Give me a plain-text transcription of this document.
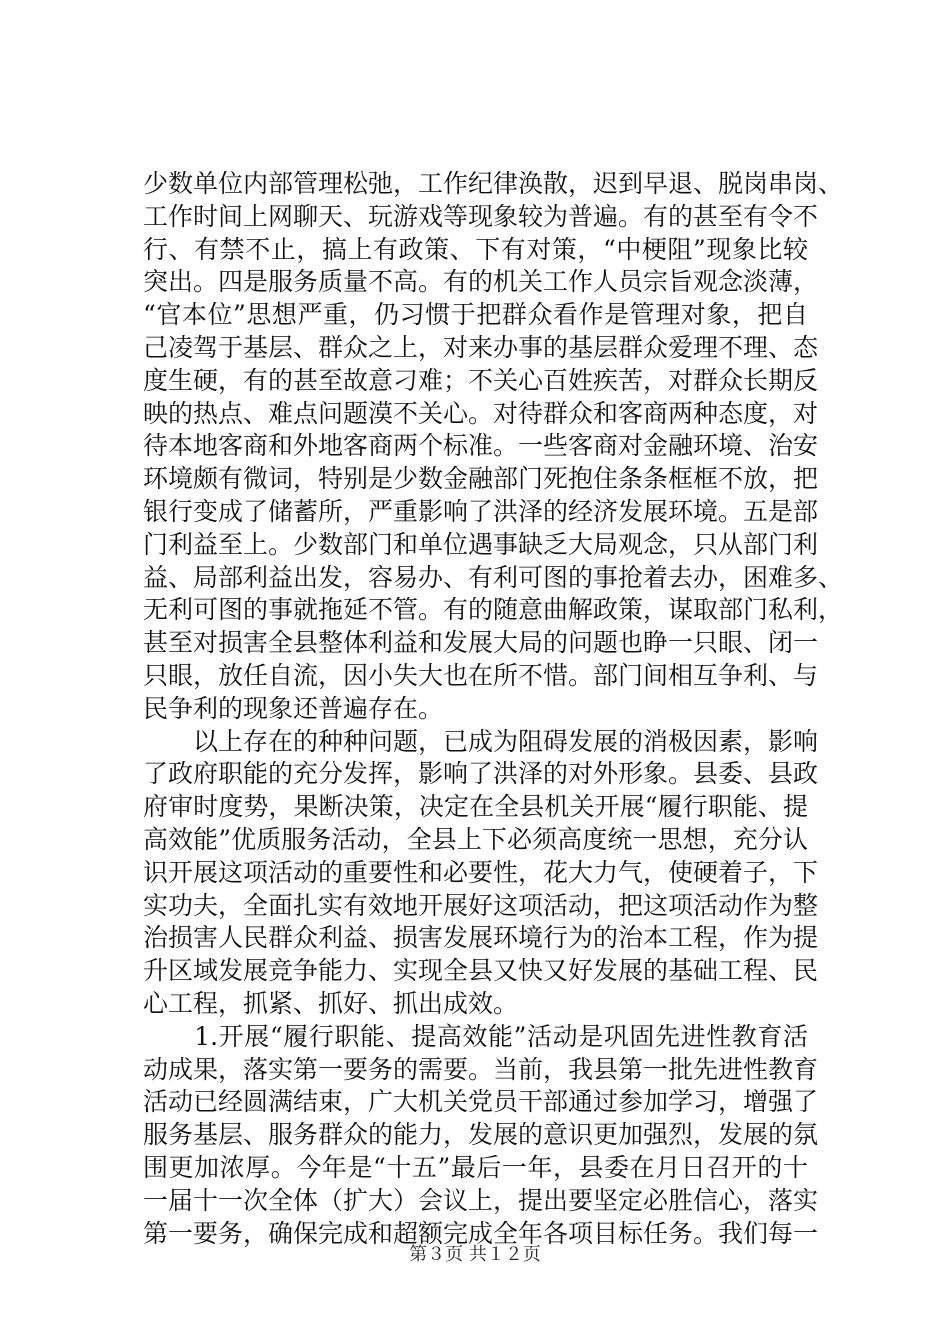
少数单位内部管理松弛，工作纪律涣散，迟到早退、脱岗串岗、
工作时间上网聊天、玩游戏等现象较为普遍。有的甚至有令不
行、有禁不止，搞上有政策、下有对策，“中梗阻”现象比较
突出。四是服务质量不高。有的机关工作人员宗旨观念淡薄，
“官本位”思想严重，仍习惯于把群众看作是管理对象，把自
己凌驾于基层、群众之上，对来办事的基层群众爱理不理、态
度生硬，有的甚至故意刁难；不关心百姓疾苦，对群众长期反
映的热点、难点问题漠不关心。对待群众和客商两种态度，对
待本地客商和外地客商两个标准。一些客商对金融环境、治安
环境颇有微词，特别是少数金融部门死抱住条条框框不放，把
银行变成了储蓄所，严重影响了洪泽的经济发展环境。五是部
门利益至上。少数部门和单位遇事缺乏大局观念，只从部门利
益、局部利益出发，容易办、有利可图的事抢着去办，困难多、
无利可图的事就拖延不管。有的随意曲解政策，谋取部门私利，
甚至对损害全县整体利益和发展大局的问题也睁一只眼、闭一
只眼，放任自流，因小失大也在所不惜。部门间相互争利、与
民争利的现象还普遍存在。
　　以上存在的种种问题，已成为阻碍发展的消极因素，影响
了政府职能的充分发挥，影响了洪泽的对外形象。县委、县政
府审时度势，果断决策，决定在全县机关开展“履行职能、提
高效能”优质服务活动，全县上下必须高度统一思想，充分认
识开展这项活动的重要性和必要性，花大力气，使硬着子，下
实功夫，全面扎实有效地开展好这项活动，把这项活动作为整
治损害人民群众利益、损害发展环境行为的治本工程，作为提
升区域发展竞争能力、实现全县又快又好发展的基础工程、民
心工程，抓紧、抓好、抓出成效。
　　1.开展“履行职能、提高效能”活动是巩固先进性教育活
动成果，落实第一要务的需要。当前，我县第一批先进性教育
活动已经圆满结束，广大机关党员干部通过参加学习，增强了
服务基层、服务群众的能力，发展的意识更加强烈，发展的氛
围更加浓厚。今年是“十五”最后一年，县委在月日召开的十
一届十一次全体（扩大）会议上，提出要坚定必胜信心，落实
第一要务，确保完成和超额完成全年各项目标任务。我们每一
第３页 共１２页
